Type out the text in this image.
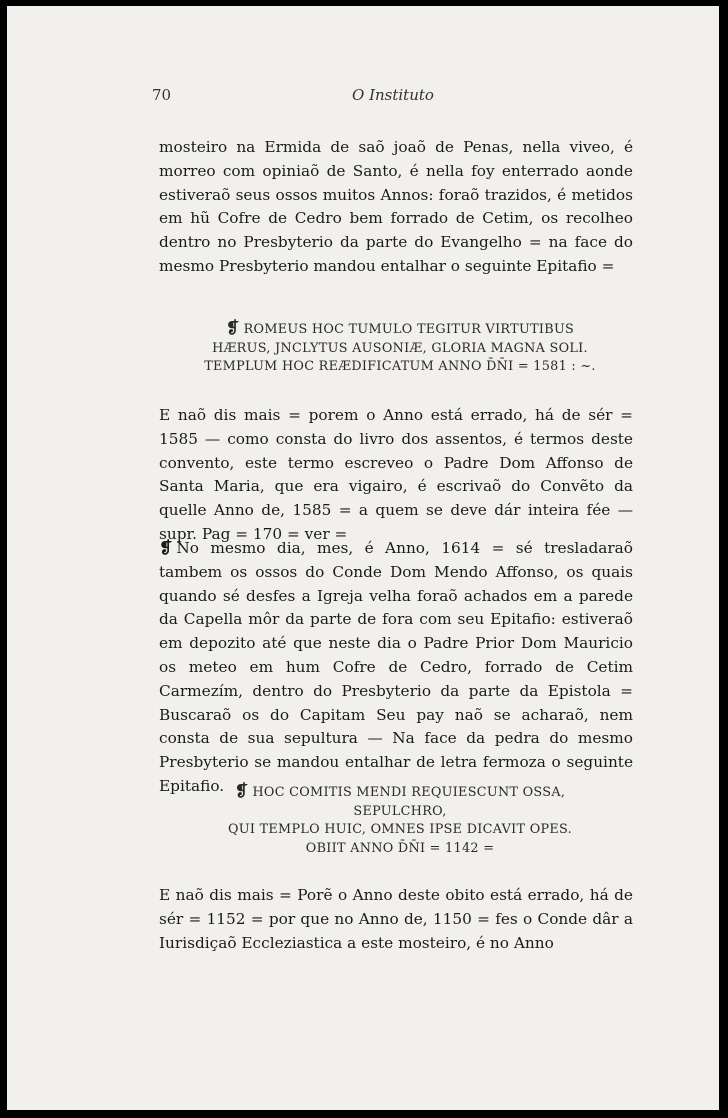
70	O Instituto
mosteiro na Ermida de saõ joaõ de Penas, nella viveo, é morreo com opiniaõ de Santo, é nella foy enterrado aonde estiveraõ seus ossos muitos Annos: foraõ trazidos, é metidos em hũ Cofre de Cedro bem forrado de Cetim, os recolheo dentro no Presbyterio da parte do Evangelho = na face do mesmo Presbyterio mandou entalhar o seguinte Epitafio =
❡ ROMEUS HOC TUMULO TEGITUR VIRTUTIBUS
HÆRUS, JNCLYTUS AUSONIÆ, GLORIA MAGNA SOLI.
TEMPLUM HOC REÆDIFICATUM ANNO D̄N̄I = 1581 : ~.
E naõ dis mais = porem o Anno está errado, há de sér = 1585 — como consta do livro dos assentos, é termos deste convento, este termo escreveo o Padre Dom Affonso de Santa Maria, que era vigairo, é escrivaõ do Convẽto da quelle Anno de, 1585 = a quem se deve dár inteira fée — supr. Pag = 170 = ver =
❡ No mesmo dia, mes, é Anno, 1614 = sé tresladaraõ tambem os ossos do Conde Dom Mendo Affonso, os quais quando sé desfes a Igreja velha foraõ achados em a parede da Capella môr da parte de fora com seu Epitafio: estiveraõ em depozito até que neste dia o Padre Prior Dom Mauricio os meteo em hum Cofre de Cedro, forrado de Cetim Carmezím, dentro do Presbyterio da parte da Epistola = Buscaraõ os do Capitam Seu pay naõ se acharaõ, nem consta de sua sepultura — Na face da pedra do mesmo Presbyterio se mandou entalhar de letra fermoza o seguinte Epitafio. ❡ HOC COMITIS MENDI REQUIESCUNT OSSA,
SEPULCHRO,
QUI TEMPLO HUIC, OMNES IPSE DICAVIT OPES.
OBIIT ANNO D̄N̄I = 1142 =
E naõ dis mais = Porẽ o Anno deste obito está errado, há de sér = 1152 = por que no Anno de, 1150 = fes o Conde dâr a Iurisdiçaõ Eccleziastica a este mosteiro, é no Anno
